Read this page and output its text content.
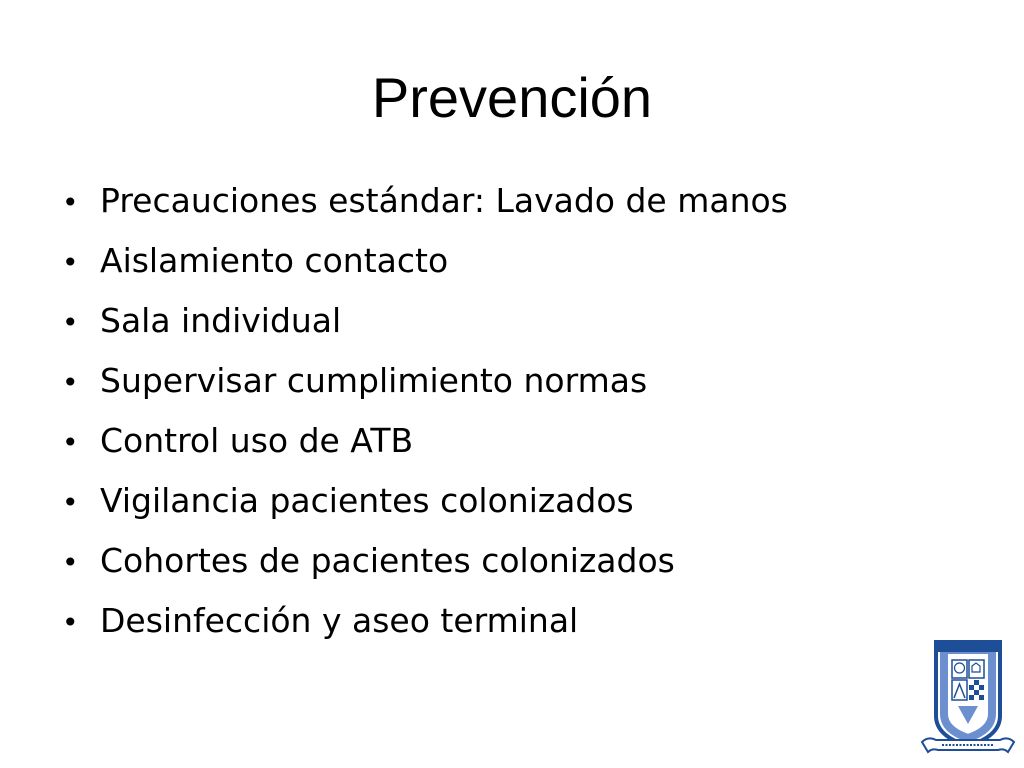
Prevención
• Precauciones estándar: Lavado de manos
• Aislamiento contacto
• Sala individual
• Supervisar cumplimiento normas
• Control uso de ATB
• Vigilancia pacientes colonizados
• Cohortes de pacientes colonizados
• Desinfección y aseo terminal
